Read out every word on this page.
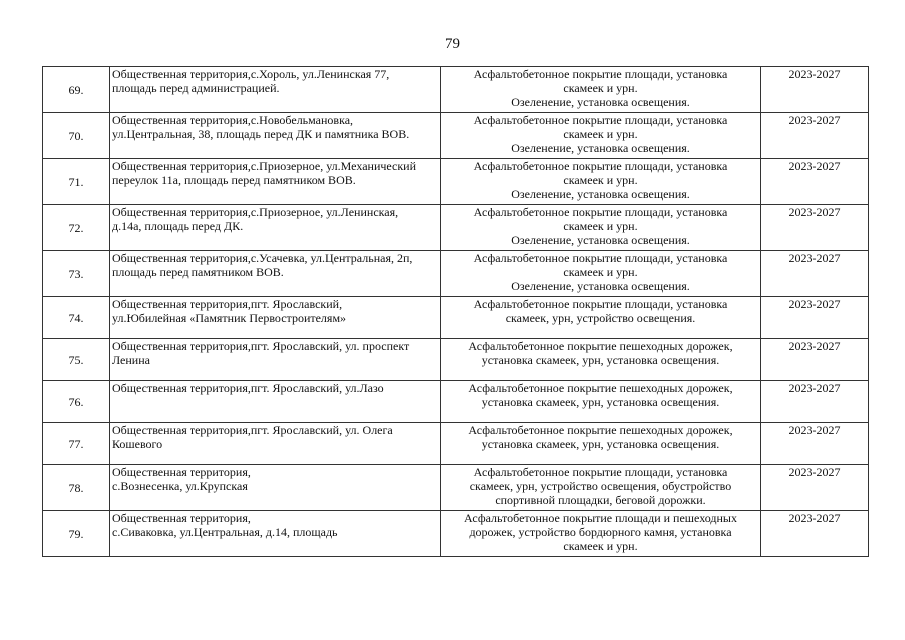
79
69.	Общественная территория,с.Хороль, ул.Ленинская 77,
площадь перед администрацией.	Асфальтобетонное покрытие площади, установка
скамеек и урн.
Озеленение, установка освещения.	2023-2027
70.	Общественная территория,с.Новобельмановка,
ул.Центральная, 38, площадь перед ДК и памятника ВОВ.	Асфальтобетонное покрытие площади, установка
скамеек и урн.
Озеленение, установка освещения.	2023-2027
71.	Общественная территория,с.Приозерное, ул.Механический
переулок 11а, площадь перед памятником ВОВ.	Асфальтобетонное покрытие площади, установка
скамеек и урн.
Озеленение, установка освещения.	2023-2027
72.	Общественная территория,с.Приозерное, ул.Ленинская,
д.14а, площадь перед ДК.	Асфальтобетонное покрытие площади, установка
скамеек и урн.
Озеленение, установка освещения.	2023-2027
73.	Общественная территория,с.Усачевка, ул.Центральная, 2п,
площадь перед памятником ВОВ.	Асфальтобетонное покрытие площади, установка
скамеек и урн.
Озеленение, установка освещения.	2023-2027
74.	Общественная территория,пгт. Ярославский,
ул.Юбилейная «Памятник Первостроителям»	Асфальтобетонное покрытие площади, установка
скамеек, урн, устройство освещения.	2023-2027
75.	Общественная территория,пгт. Ярославский, ул. проспект
Ленина	Асфальтобетонное покрытие пешеходных дорожек,
установка скамеек, урн, установка освещения.	2023-2027
76.	Общественная территория,пгт. Ярославский, ул.Лазо	Асфальтобетонное покрытие пешеходных дорожек,
установка скамеек, урн, установка освещения.	2023-2027
77.	Общественная территория,пгт. Ярославский, ул. Олега
Кошевого	Асфальтобетонное покрытие пешеходных дорожек,
установка скамеек, урн, установка освещения.	2023-2027
78.	Общественная территория,
с.Вознесенка, ул.Крупская	Асфальтобетонное покрытие площади, установка
скамеек, урн, устройство освещения, обустройство
спортивной площадки, беговой дорожки.	2023-2027
79.	Общественная территория,
с.Сиваковка, ул.Центральная, д.14, площадь	Асфальтобетонное покрытие площади и пешеходных
дорожек, устройство бордюрного камня, установка
скамеек и урн.	2023-2027
